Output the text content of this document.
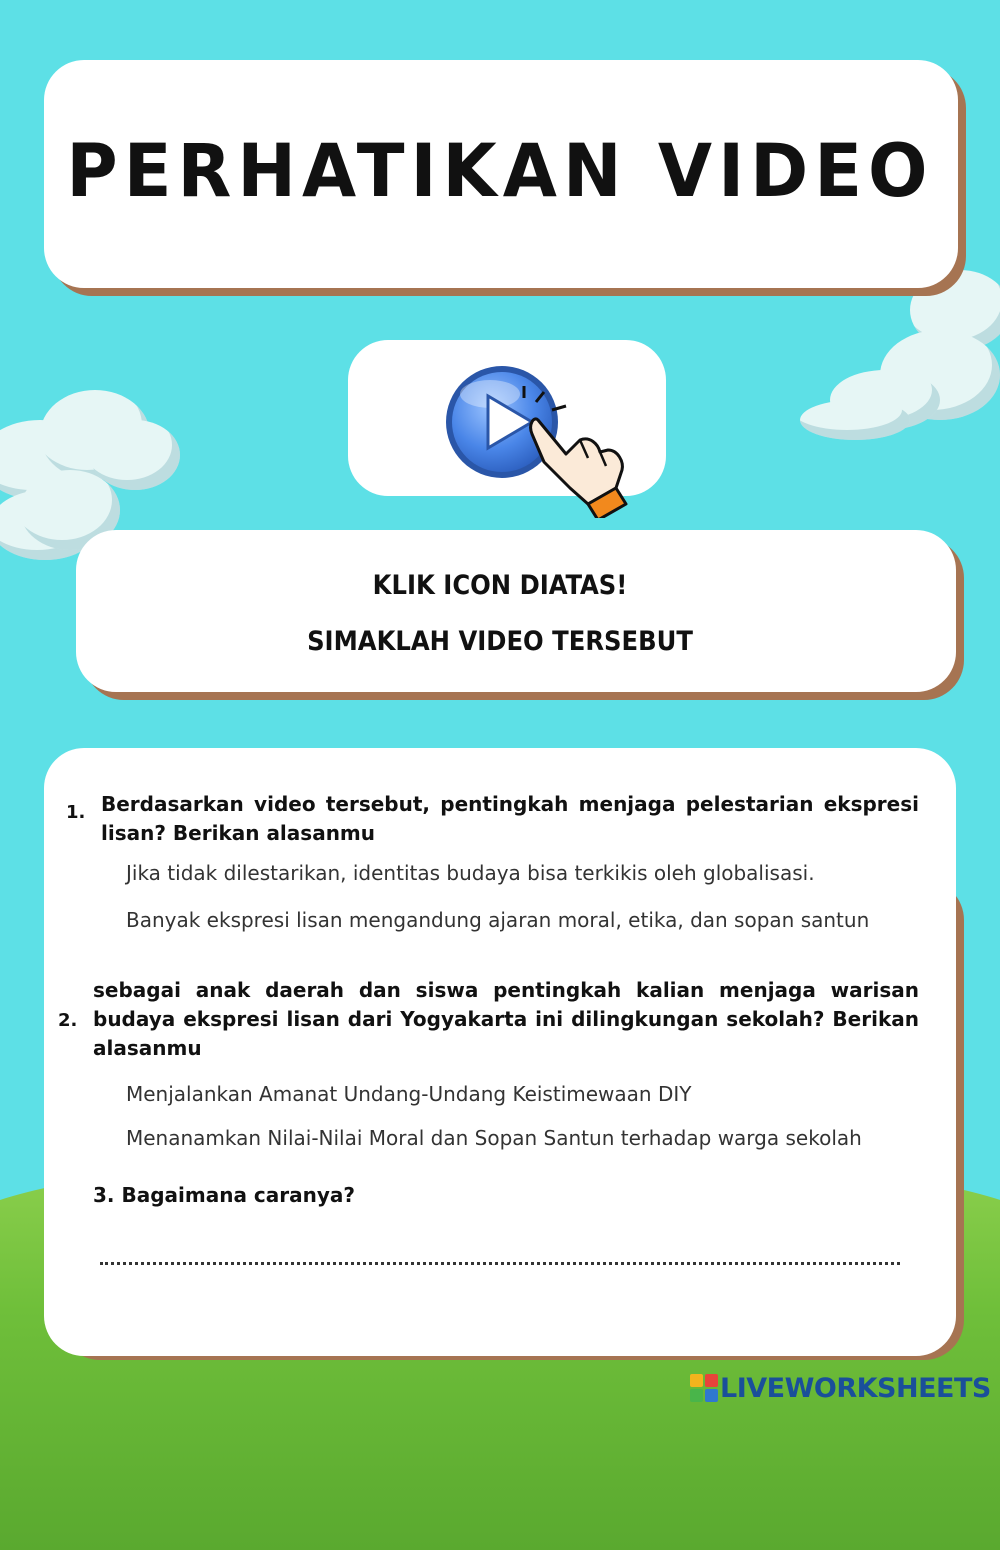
PERHATIKAN VIDEO

KLIK ICON DIATAS!

SIMAKLAH VIDEO TERSEBUT

1. Berdasarkan video tersebut, pentingkah menjaga pelestarian ekspresi lisan? Berikan alasanmu

Jika tidak dilestarikan, identitas budaya bisa terkikis oleh globalisasi.

Banyak ekspresi lisan mengandung ajaran moral, etika, dan sopan santun

2.

sebagai anak daerah dan siswa pentingkah kalian menjaga warisan budaya ekspresi lisan dari Yogyakarta ini dilingkungan sekolah? Berikan alasanmu

Menjalankan Amanat Undang-Undang Keistimewaan DIY

Menanamkan Nilai-Nilai Moral dan Sopan Santun terhadap warga sekolah

3. Bagaimana caranya?

LIVEWORKSHEETS
